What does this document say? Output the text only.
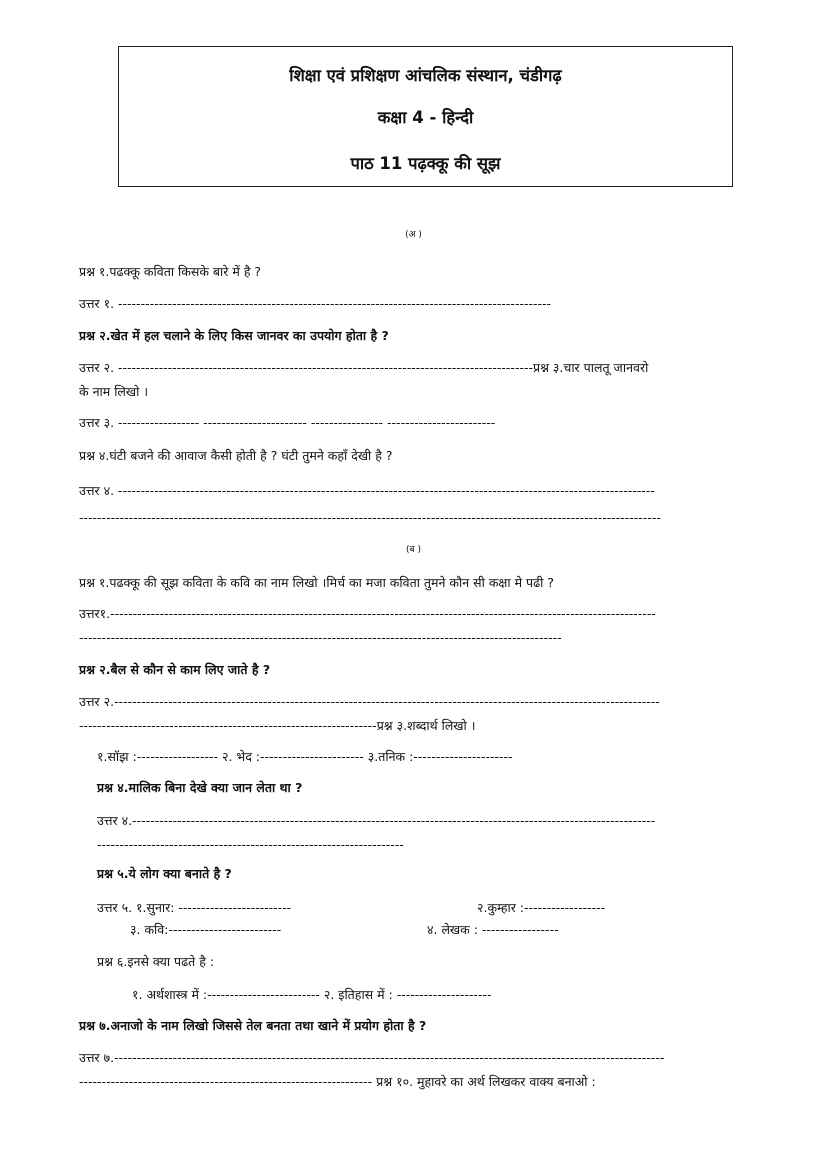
शिक्षा एवं प्रशिक्षण आंचलिक संस्थान, चंडीगढ़
कक्षा 4 - हिन्दी
पाठ 11 पढ़क्कू की सूझ
(अ )
प्रश्न १.पढक्कू कविता किसके बारे में है ?
उत्तर १. ------------------------------------------------------------------------------------------------
प्रश्न २.खेत में हल चलाने के लिए किस जानवर का उपयोग होता है ?
उत्तर २. --------------------------------------------------------------------------------------------प्रश्न ३.चार पालतू जानवरो
के नाम लिखो ।
उत्तर ३. ------------------ ----------------------- ---------------- ------------------------
प्रश्न ४.घंटी बजने की आवाज कैसी होती है ? घंटी तुमने कहाँ देखी है ?
उत्तर ४. -----------------------------------------------------------------------------------------------------------------------
---------------------------------------------------------------------------------------------------------------------------------
(ब )
प्रश्न १.पढक्कू की सूझ कविता के कवि का नाम लिखो ।मिर्च का मजा कविता तुमने कौन सी कक्षा मे पढी ?
उत्तर१.-------------------------------------------------------------------------------------------------------------------------
-----------------------------------------------------------------------------------------------------------
प्रश्न २.बैल से कौन से काम लिए जाते है ?
उत्तर २.-------------------------------------------------------------------------------------------------------------------------
------------------------------------------------------------------प्रश्न ३.शब्दार्थ लिखो ।
१.सॉझ :------------------ २. भेद :----------------------- ३.तनिक :----------------------
प्रश्न ४.मालिक बिना देखे क्या जान लेता था ?
उत्तर ४.--------------------------------------------------------------------------------------------------------------------
--------------------------------------------------------------------
प्रश्न ५.ये लोग क्या बनाते है ?
उत्तर ५. १.सुनार: -------------------------	२.कुम्हार :------------------
३. कवि:-------------------------	४. लेखक : -----------------
प्रश्न ६.इनसे क्या पढते है :
१. अर्थशास्त्र में :------------------------- २. इतिहास में : ---------------------
प्रश्न ७.अनाजो के नाम लिखो जिससे तेल बनता तथा खाने में प्रयोग होता है ?
उत्तर ७.--------------------------------------------------------------------------------------------------------------------------
----------------------------------------------------------------- प्रश्न १०. मुहावरे का अर्थ लिखकर वाक्य बनाओ :
